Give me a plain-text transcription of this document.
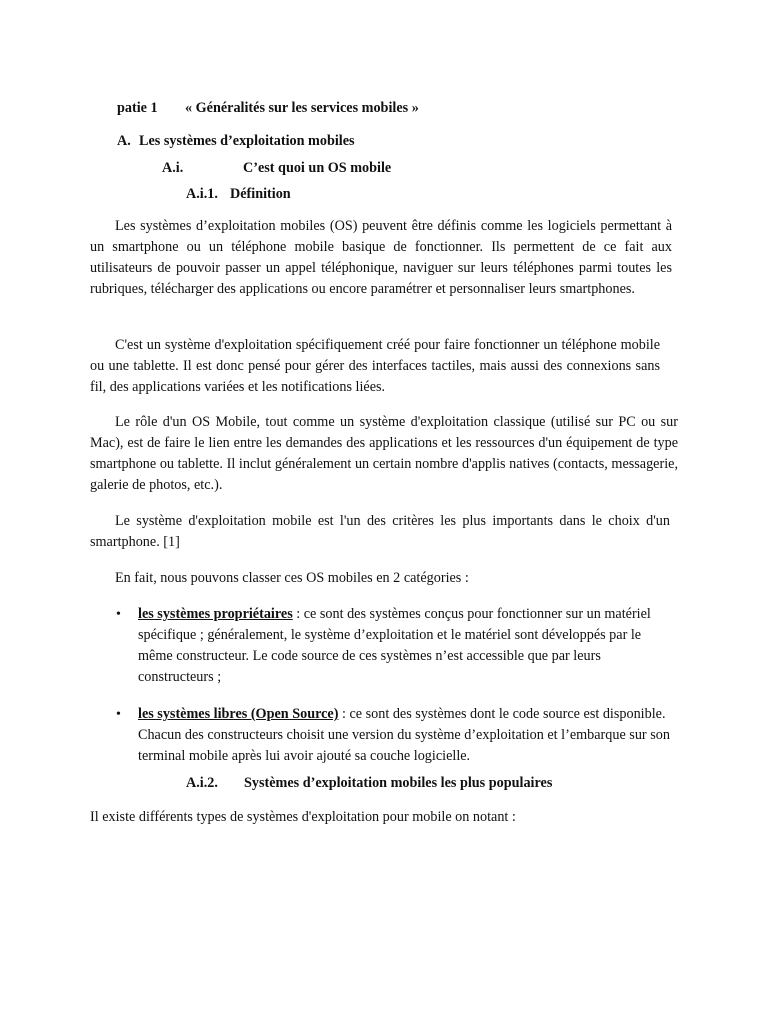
patie 1 « Généralités sur les services mobiles »
A. Les systèmes d’exploitation mobiles
A.i.	C’est quoi un OS mobile
A.i.1. Définition
Les systèmes d’exploitation mobiles (OS) peuvent être définis comme les logiciels permettant à un smartphone ou un téléphone mobile basique de fonctionner. Ils permettent de ce fait aux utilisateurs de pouvoir passer un appel téléphonique, naviguer sur leurs téléphones parmi toutes les rubriques, télécharger des applications ou encore paramétrer et personnaliser leurs smartphones.
C'est un système d'exploitation spécifiquement créé pour faire fonctionner un téléphone mobile ou une tablette. Il est donc pensé pour gérer des interfaces tactiles, mais aussi des connexions sans fil, des applications variées et les notifications liées.
Le rôle d'un OS Mobile, tout comme un système d'exploitation classique (utilisé sur PC ou sur Mac), est de faire le lien entre les demandes des applications et les ressources d'un équipement de type smartphone ou tablette. Il inclut généralement un certain nombre d'applis natives (contacts, messagerie, galerie de photos, etc.).
Le système d'exploitation mobile est l'un des critères les plus importants dans le choix d'un smartphone. [1]
En fait, nous pouvons classer ces OS mobiles en 2 catégories :
• les systèmes propriétaires : ce sont des systèmes conçus pour fonctionner sur un matériel spécifique ; généralement, le système d’exploitation et le matériel sont développés par le même constructeur. Le code source de ces systèmes n’est accessible que par leurs constructeurs ;
• les systèmes libres (Open Source) : ce sont des systèmes dont le code source est disponible. Chacun des constructeurs choisit une version du système d’exploitation et l’embarque sur son terminal mobile après lui avoir ajouté sa couche logicielle.
A.i.2. Systèmes d’exploitation mobiles les plus populaires
Il existe différents types de systèmes d'exploitation pour mobile on notant :
